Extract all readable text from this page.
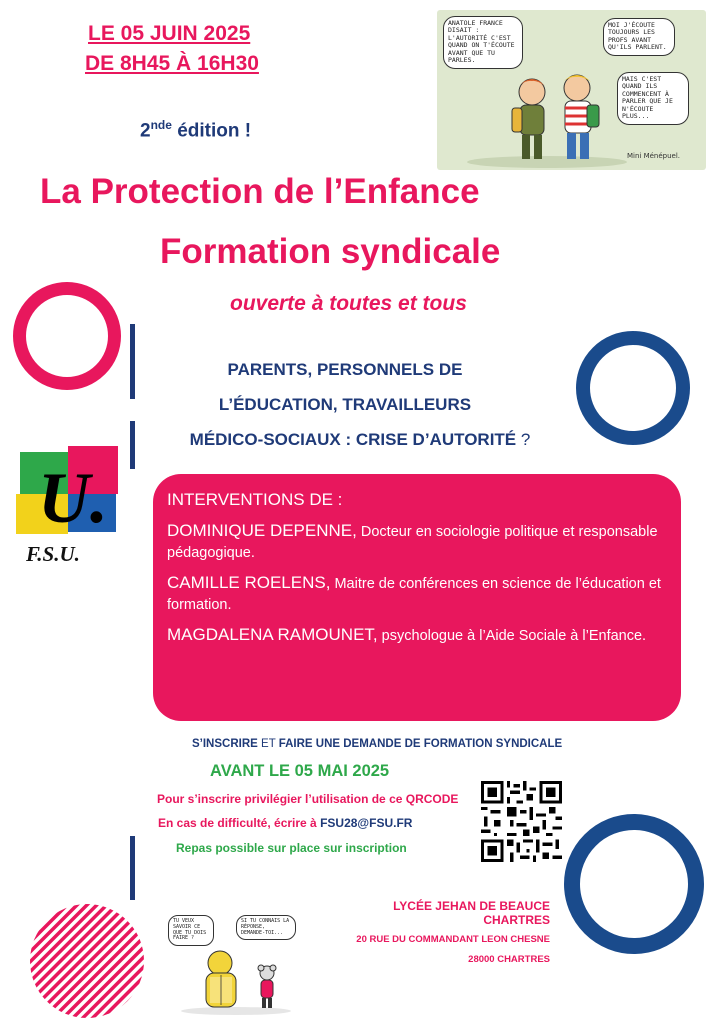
LE 05 JUIN 2025
DE 8H45 À 16H30
2nde édition !
ANATOLE FRANCE DISAIT : L'AUTORITÉ C'EST QUAND ON T'ÉCOUTE AVANT QUE TU PARLES.
MOI J'ÉCOUTE TOUJOURS LES PROFS AVANT QU'ILS PARLENT.
MAIS C'EST QUAND ILS COMMENCENT À PARLER QUE JE N'ÉCOUTE PLUS...
Mini Ménépuel.
La Protection de l’Enfance
Formation syndicale
ouverte à toutes et tous
PARENTS, PERSONNELS DE
L’ÉDUCATION, TRAVAILLEURS
MÉDICO-SOCIAUX : CRISE D’AUTORITÉ ?
U.
F.S.U.
INTERVENTIONS DE :
DOMINIQUE DEPENNE, Docteur en sociologie politique et responsable pédagogique.
CAMILLE ROELENS, Maitre de conférences en science de l’éducation et formation.
MAGDALENA RAMOUNET, psychologue à l’Aide Sociale à l’Enfance.
S’INSCRIRE ET FAIRE UNE DEMANDE DE FORMATION SYNDICALE
AVANT LE 05 MAI 2025
Pour s’inscrire privilégier l’utilisation de ce QRCODE
En cas de difficulté, écrire à FSU28@FSU.FR
Repas possible sur place sur inscription
LYCÉE JEHAN DE BEAUCE
CHARTRES
20 RUE DU COMMANDANT LEON CHESNE
28000 CHARTRES
TU VEUX SAVOIR CE QUE TU DOIS FAIRE ?
SI TU CONNAIS LA RÉPONSE, DEMANDE-TOI...
